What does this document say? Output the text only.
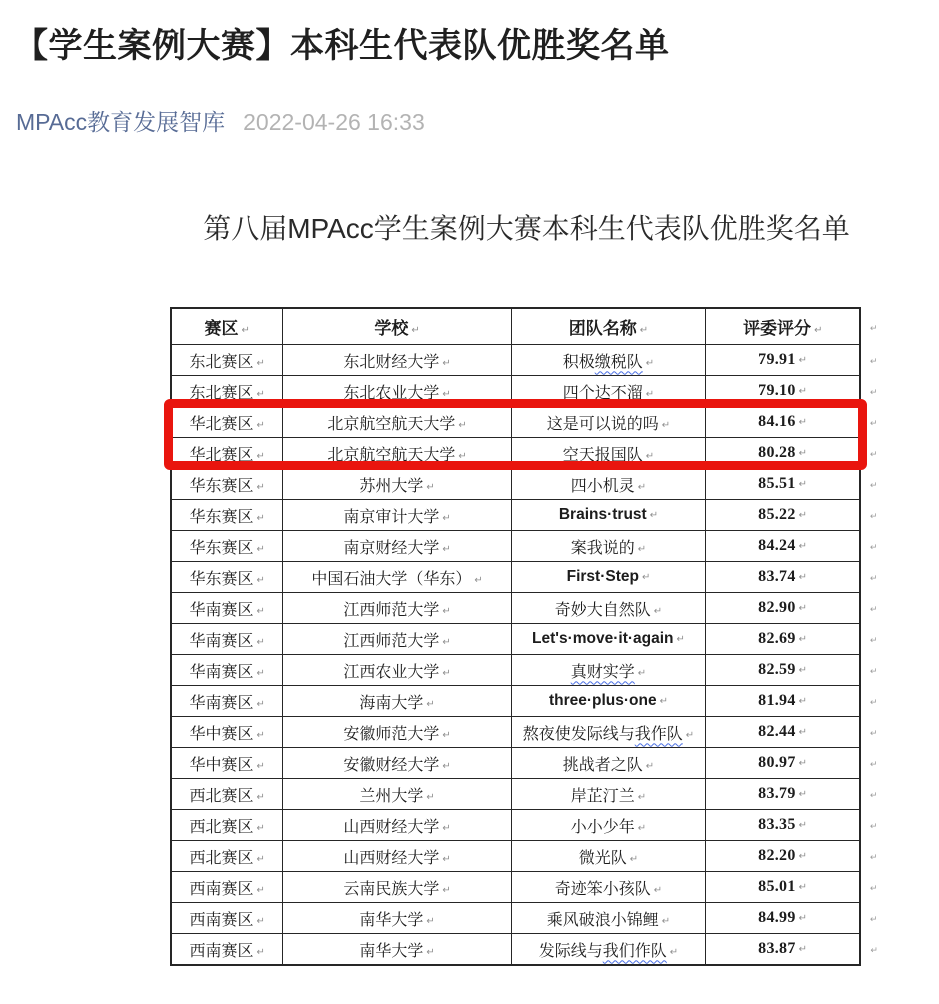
【学生案例大赛】本科生代表队优胜奖名单
MPAcc教育发展智库 2022-04-26 16:33
第八届MPAcc学生案例大赛本科生代表队优胜奖名单
赛区 ↵	学校 ↵	团队名称 ↵	评委评分 ↵	↵
东北赛区 ↵	东北财经大学 ↵	积极缴税队 ↵	79.91 ↵	↵
东北赛区 ↵	东北农业大学 ↵	四个达不溜 ↵	79.10 ↵	↵
华北赛区 ↵	北京航空航天大学 ↵	这是可以说的吗 ↵	84.16 ↵	↵
华北赛区 ↵	北京航空航天大学 ↵	空天报国队 ↵	80.28 ↵	↵
华东赛区 ↵	苏州大学 ↵	四小机灵 ↵	85.51 ↵	↵
华东赛区 ↵	南京审计大学 ↵	Brains·trust ↵	85.22 ↵	↵
华东赛区 ↵	南京财经大学 ↵	案我说的 ↵	84.24 ↵	↵
华东赛区 ↵	中国石油大学（华东） ↵	First·Step ↵	83.74 ↵	↵
华南赛区 ↵	江西师范大学 ↵	奇妙大自然队 ↵	82.90 ↵	↵
华南赛区 ↵	江西师范大学 ↵	Let's·move·it·again ↵	82.69 ↵	↵
华南赛区 ↵	江西农业大学 ↵	真财实学 ↵	82.59 ↵	↵
华南赛区 ↵	海南大学 ↵	three·plus·one ↵	81.94 ↵	↵
华中赛区 ↵	安徽师范大学 ↵	熬夜使发际线与我作队 ↵	82.44 ↵	↵
华中赛区 ↵	安徽财经大学 ↵	挑战者之队 ↵	80.97 ↵	↵
西北赛区 ↵	兰州大学 ↵	岸芷汀兰 ↵	83.79 ↵	↵
西北赛区 ↵	山西财经大学 ↵	小小少年 ↵	83.35 ↵	↵
西北赛区 ↵	山西财经大学 ↵	微光队 ↵	82.20 ↵	↵
西南赛区 ↵	云南民族大学 ↵	奇迹笨小孩队 ↵	85.01 ↵	↵
西南赛区 ↵	南华大学 ↵	乘风破浪小锦鲤 ↵	84.99 ↵	↵
西南赛区 ↵	南华大学 ↵	发际线与我们作队 ↵	83.87 ↵	↵
